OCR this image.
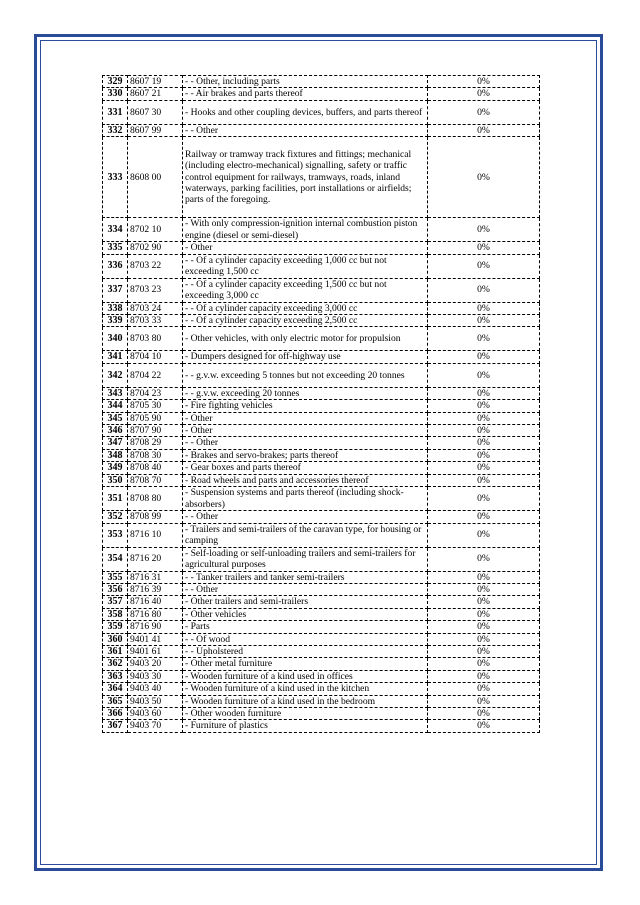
329	8607 19	- - Other, including parts	0%
330	8607 21	- - Air brakes and parts thereof	0%
331	8607 30	- Hooks and other coupling devices, buffers, and parts thereof	0%
332	8607 99	- - Other	0%
333	8608 00	Railway or tramway track fixtures and fittings; mechanical (including electro-mechanical) signalling, safety or traffic control equipment for railways, tramways, roads, inland waterways, parking facilities, port installations or airfields; parts of the foregoing.	0%
334	8702 10	- With only compression-ignition internal combustion piston engine (diesel or semi-diesel)	0%
335	8702 90	- Other	0%
336	8703 22	- - Of a cylinder capacity exceeding 1,000 cc but not exceeding 1,500 cc	0%
337	8703 23	- - Of a cylinder capacity exceeding 1,500 cc but not exceeding 3,000 cc	0%
338	8703 24	- - Of a cylinder capacity exceeding 3,000 cc	0%
339	8703 33	- - Of a cylinder capacity exceeding 2,500 cc	0%
340	8703 80	- Other vehicles, with only electric motor for propulsion	0%
341	8704 10	- Dumpers designed for off-highway use	0%
342	8704 22	- - g.v.w. exceeding 5 tonnes but not exceeding 20 tonnes	0%
343	8704 23	- - g.v.w. exceeding 20 tonnes	0%
344	8705 30	- Fire fighting vehicles	0%
345	8705 90	- Other	0%
346	8707 90	- Other	0%
347	8708 29	- - Other	0%
348	8708 30	- Brakes and servo-brakes; parts thereof	0%
349	8708 40	- Gear boxes and parts thereof	0%
350	8708 70	- Road wheels and parts and accessories thereof	0%
351	8708 80	- Suspension systems and parts thereof (including shock-absorbers)	0%
352	8708 99	- - Other	0%
353	8716 10	- Trailers and semi-trailers of the caravan type, for housing or camping	0%
354	8716 20	- Self-loading or self-unloading trailers and semi-trailers for agricultural purposes	0%
355	8716 31	- - Tanker trailers and tanker semi-trailers	0%
356	8716 39	- - Other	0%
357	8716 40	- Other trailers and semi-trailers	0%
358	8716 80	- Other vehicles	0%
359	8716 90	- Parts	0%
360	9401 41	- - Of wood	0%
361	9401 61	- - Upholstered	0%
362	9403 20	- Other metal furniture	0%
363	9403 30	- Wooden furniture of a kind used in offices	0%
364	9403 40	- Wooden furniture of a kind used in the kitchen	0%
365	9403 50	- Wooden furniture of a kind used in the bedroom	0%
366	9403 60	- Other wooden furniture	0%
367	9403 70	- Furniture of plastics	0%
